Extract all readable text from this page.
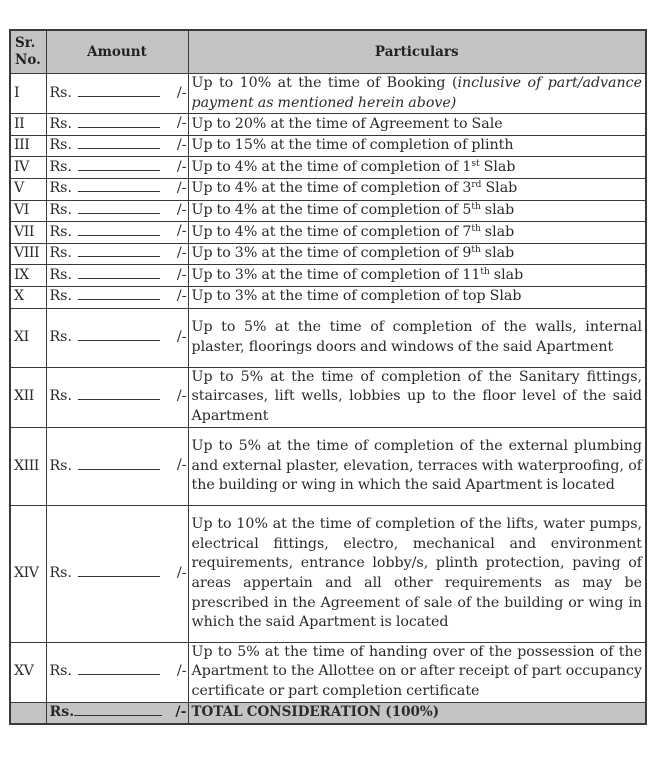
Sr. No.	Amount	Particulars
I	Rs. /-	Up to 10% at the time of Booking (inclusive of part/advance payment as mentioned herein above)
II	Rs. /-	Up to 20% at the time of Agreement to Sale
III	Rs. /-	Up to 15% at the time of completion of plinth
IV	Rs. /-	Up to 4% at the time of completion of 1st Slab
V	Rs. /-	Up to 4% at the time of completion of 3rd Slab
VI	Rs. /-	Up to 4% at the time of completion of 5th slab
VII	Rs. /-	Up to 4% at the time of completion of 7th slab
VIII	Rs. /-	Up to 3% at the time of completion of 9th slab
IX	Rs. /-	Up to 3% at the time of completion of 11th slab
X	Rs. /-	Up to 3% at the time of completion of top Slab
XI	Rs. /-	Up to 5% at the time of completion of the walls, internal plaster, floorings doors and windows of the said Apartment
XII	Rs. /-	Up to 5% at the time of completion of the Sanitary fittings, staircases, lift wells, lobbies up to the floor level of the said Apartment
XIII	Rs. /-	Up to 5% at the time of completion of the external plumbing and external plaster, elevation, terraces with waterproofing, of the building or wing in which the said Apartment is located
XIV	Rs. /-	Up to 10% at the time of completion of the lifts, water pumps, electrical fittings, electro, mechanical and environment requirements, entrance lobby/s, plinth protection, paving of areas appertain and all other requirements as may be prescribed in the Agreement of sale of the building or wing in which the said Apartment is located
XV	Rs. /-	Up to 5% at the time of handing over of the possession of the Apartment to the Allottee on or after receipt of part occupancy certificate or part completion certificate
	Rs. /-	TOTAL CONSIDERATION (100%)
